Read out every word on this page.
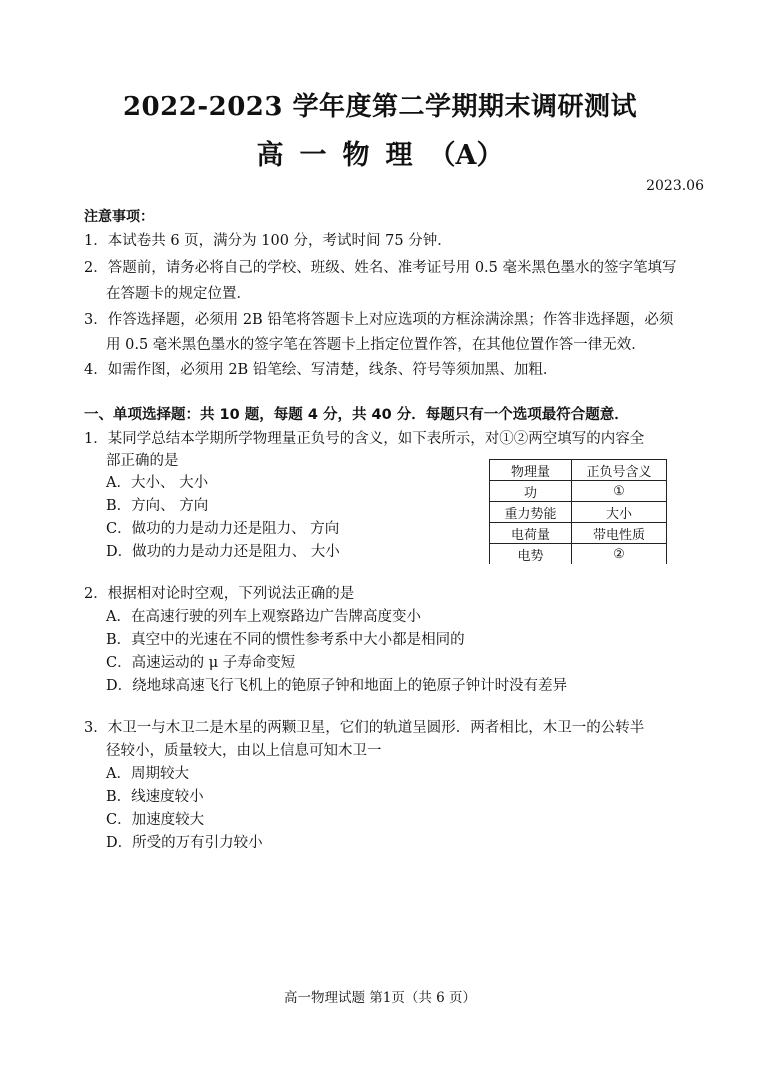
2022-2023 学年度第二学期期末调研测试
高 一 物 理 （A）
2023.06
注意事项：
1．本试卷共 6 页，满分为 100 分，考试时间 75 分钟．
2．答题前，请务必将自己的学校、班级、姓名、准考证号用 0.5 毫米黑色墨水的签字笔填写
在答题卡的规定位置．
3．作答选择题，必须用 2B 铅笔将答题卡上对应选项的方框涂满涂黑；作答非选择题，必须
用 0.5 毫米黑色墨水的签字笔在答题卡上指定位置作答，在其他位置作答一律无效．
4．如需作图，必须用 2B 铅笔绘、写清楚，线条、符号等须加黑、加粗．
一、单项选择题：共 10 题，每题 4 分，共 40 分．每题只有一个选项最符合题意．
1．某同学总结本学期所学物理量正负号的含义，如下表所示，对①②两空填写的内容全
部正确的是
A．大小、 大小
B．方向、 方向
C．做功的力是动力还是阻力、 方向
D．做功的力是动力还是阻力、 大小
物理量	正负号含义
功	①
重力势能	大小
电荷量	带电性质
电势	②
2．根据相对论时空观，下列说法正确的是
A．在高速行驶的列车上观察路边广告牌高度变小
B．真空中的光速在不同的惯性参考系中大小都是相同的
C．高速运动的 μ 子寿命变短
D．绕地球高速飞行飞机上的铯原子钟和地面上的铯原子钟计时没有差异
3．木卫一与木卫二是木星的两颗卫星，它们的轨道呈圆形．两者相比，木卫一的公转半
径较小，质量较大，由以上信息可知木卫一
A．周期较大
B．线速度较小
C．加速度较大
D．所受的万有引力较小
高一物理试题 第1页（共 6 页）
